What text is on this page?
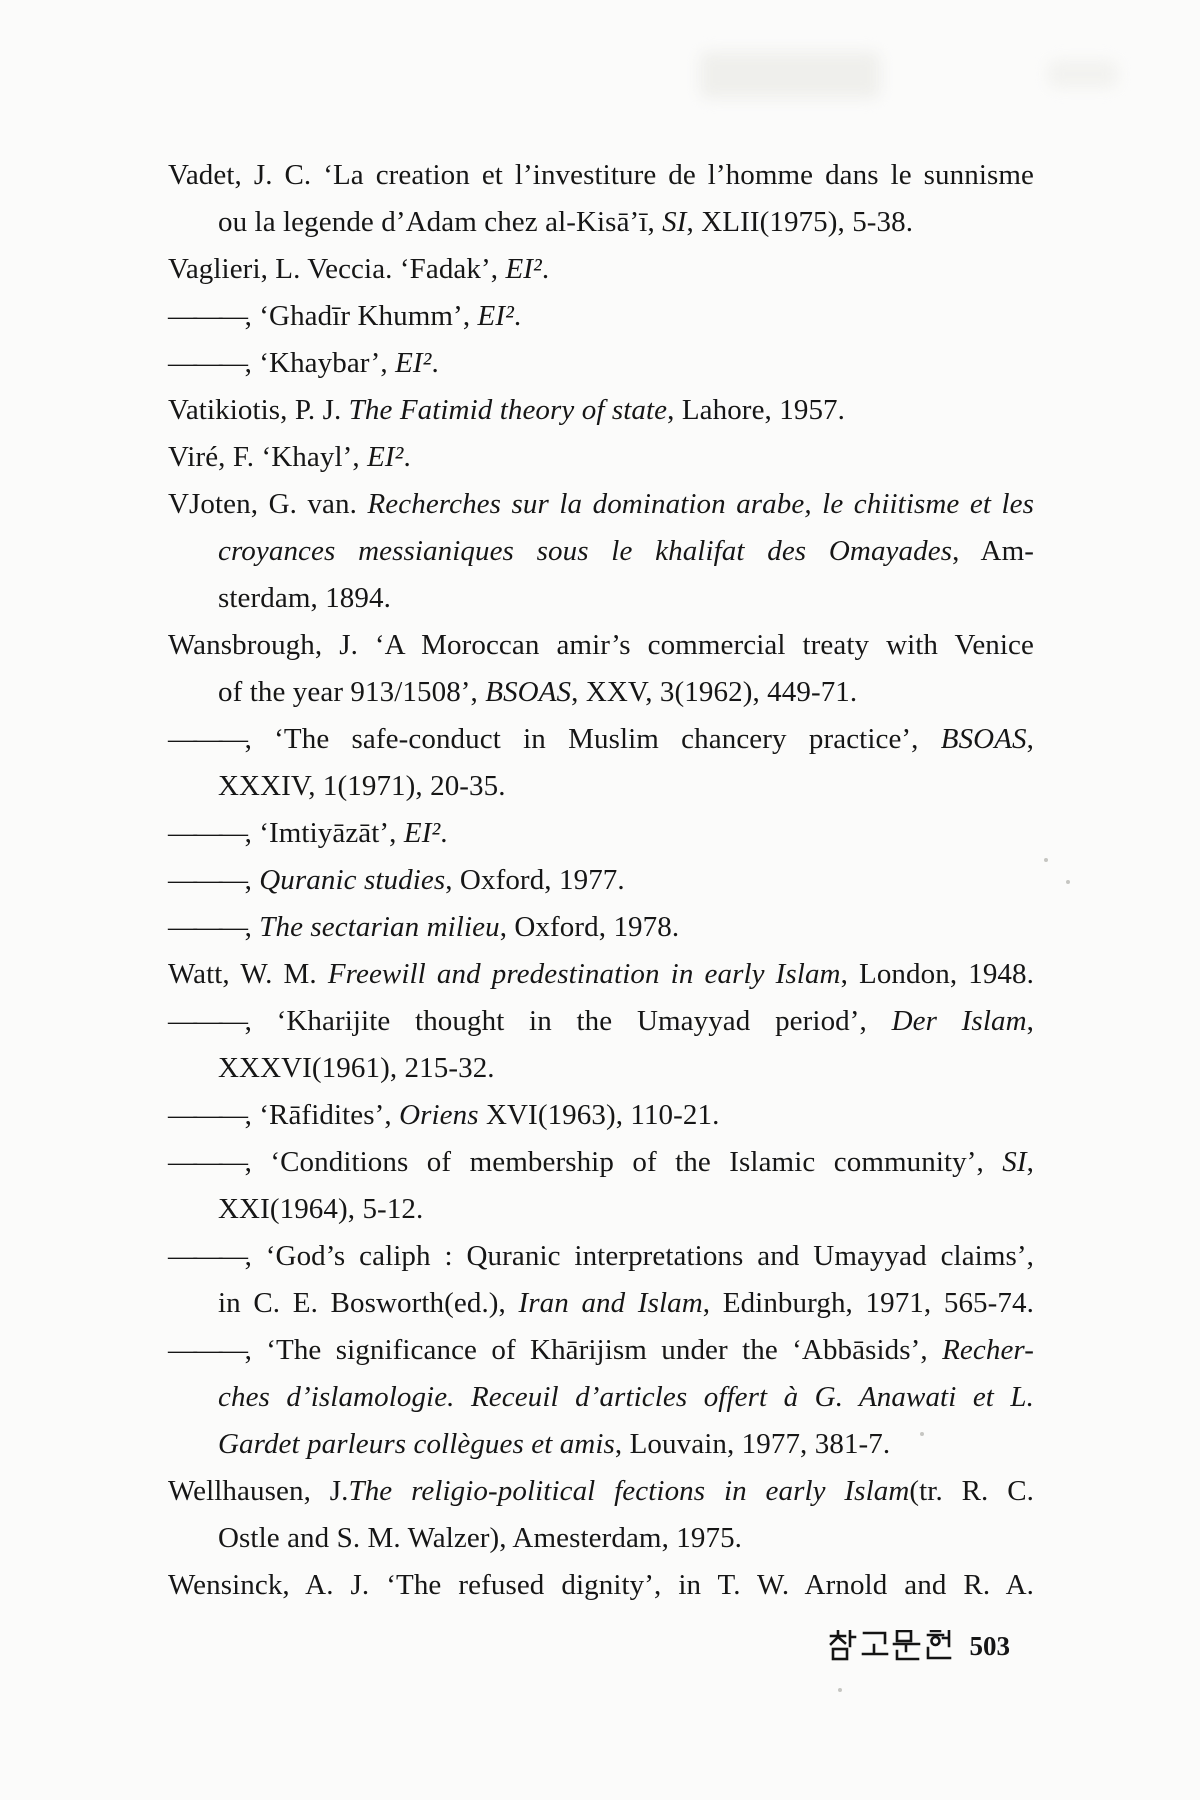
Vadet, J. C. ‘La creation et l’investiture de l’homme dans le sunnisme
ou la legende d’Adam chez al-Kisā’ī, SI, XLII(1975), 5-38.
Vaglieri, L. Veccia. ‘Fadak’, EI².
———, ‘Ghadīr Khumm’, EI².
———, ‘Khaybar’, EI².
Vatikiotis, P. J. The Fatimid theory of state, Lahore, 1957.
Viré, F. ‘Khayl’, EI².
VJoten, G. van. Recherches sur la domination arabe, le chiitisme et les
croyances messianiques sous le khalifat des Omayades, Am-
sterdam, 1894.
Wansbrough, J. ‘A Moroccan amir’s commercial treaty with Venice
of the year 913/1508’, BSOAS, XXV, 3(1962), 449-71.
———, ‘The safe-conduct in Muslim chancery practice’, BSOAS,
XXXIV, 1(1971), 20-35.
———, ‘Imtiyāzāt’, EI².
———, Quranic studies, Oxford, 1977.
———, The sectarian milieu, Oxford, 1978.
Watt, W. M. Freewill and predestination in early Islam, London, 1948.
———, ‘Kharijite thought in the Umayyad period’, Der Islam,
XXXVI(1961), 215-32.
———, ‘Rāfidites’, Oriens XVI(1963), 110-21.
———, ‘Conditions of membership of the Islamic community’, SI,
XXI(1964), 5-12.
———, ‘God’s caliph : Quranic interpretations and Umayyad claims’,
in C. E. Bosworth(ed.), Iran and Islam, Edinburgh, 1971, 565-74.
———, ‘The significance of Khārijism under the ‘Abbāsids’, Recher-
ches d’islamologie. Receuil d’articles offert à G. Anawati et L.
Gardet parleurs collègues et amis, Louvain, 1977, 381-7.
Wellhausen, J.The religio-political fections in early Islam(tr. R. C.
Ostle and S. M. Walzer), Amesterdam, 1975.
Wensinck, A. J. ‘The refused dignity’, in T. W. Arnold and R. A.
503
